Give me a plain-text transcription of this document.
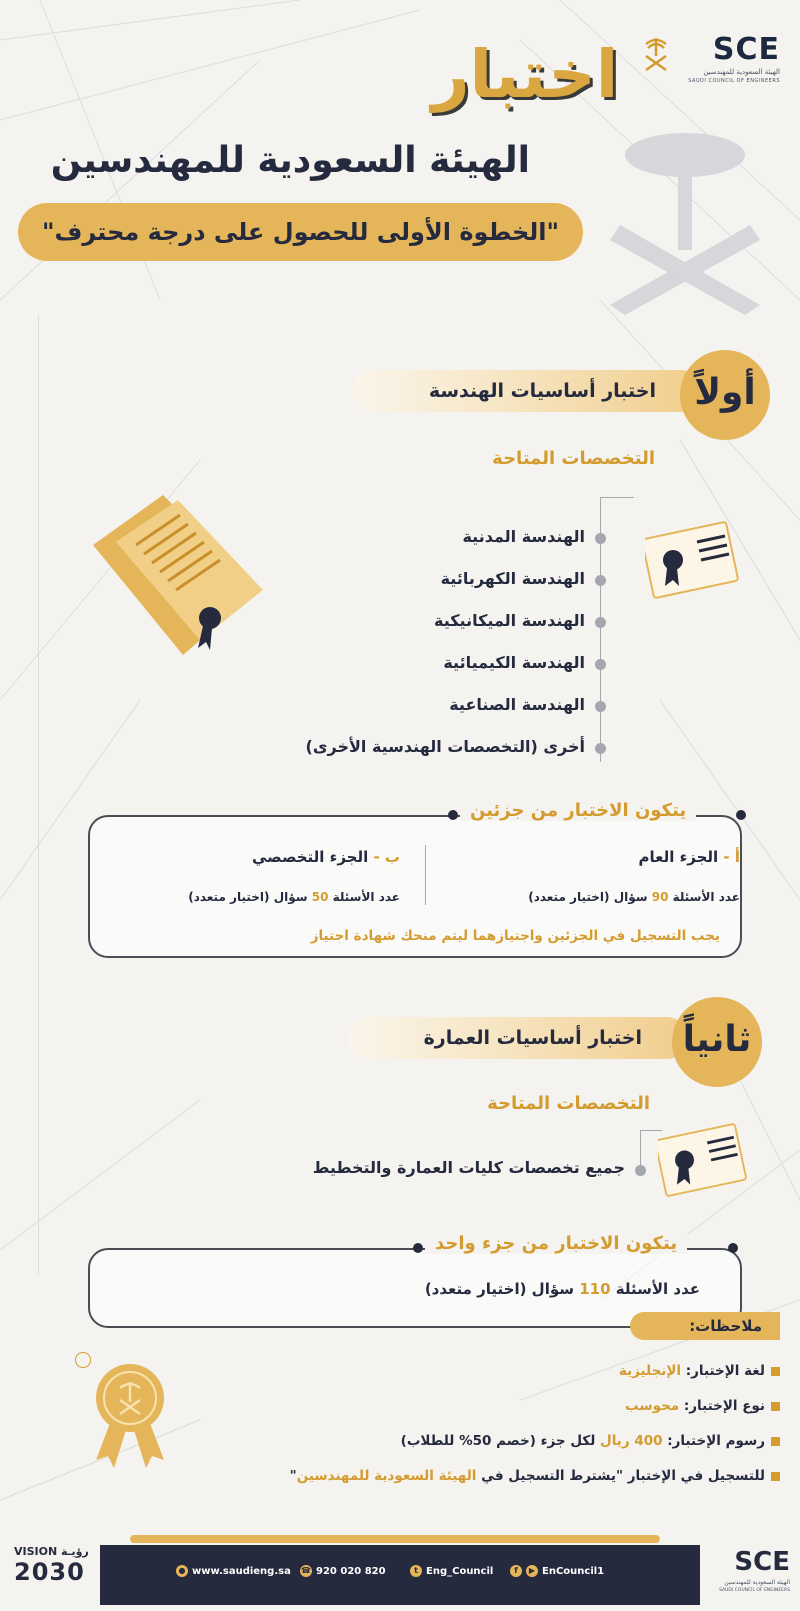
SCE
الهيئة السعودية للمهندسين
SAUDI COUNCIL OF ENGINEERS
اختبار
الهيئة السعودية للمهندسين
"الخطوة الأولى للحصول على درجة محترف"
اختبار أساسيات الهندسة	أولاً
التخصصات المتاحة
الهندسة المدنية
الهندسة الكهربائية
الهندسة الميكانيكية
الهندسة الكيميائية
الهندسة الصناعية
أخرى (التخصصات الهندسية الأخرى)
يتكون الاختبار من جزئين
أ - الجزء العام
عدد الأسئلة 90 سؤال (اختيار متعدد)
ب - الجزء التخصصي
عدد الأسئلة 50 سؤال (اختيار متعدد)
يجب التسجيل في الجزئين واجتيازهما ليتم منحك شهادة اجتياز
اختبار أساسيات العمارة	ثانياً
التخصصات المتاحة
جميع تخصصات كليات العمارة والتخطيط
يتكون الاختبار من جزء واحد
عدد الأسئلة 110 سؤال (اختيار متعدد)
ملاحظات:
لغة الإختبار: الإنجليزية
نوع الإختبار: محوسب
رسوم الإختبار: 400 ريال لكل جزء (خصم 50% للطلاب)
للتسجيل في الإختبار "يشترط التسجيل في الهيئة السعودية للمهندسين"
● www.saudieng.sa ☎ 920 020 820	t Eng_Council	f ▶ EnCouncil1
VISION رؤيـة
2030	SCE
الهيئة السعودية للمهندسين
SAUDI COUNCIL OF ENGINEERS
